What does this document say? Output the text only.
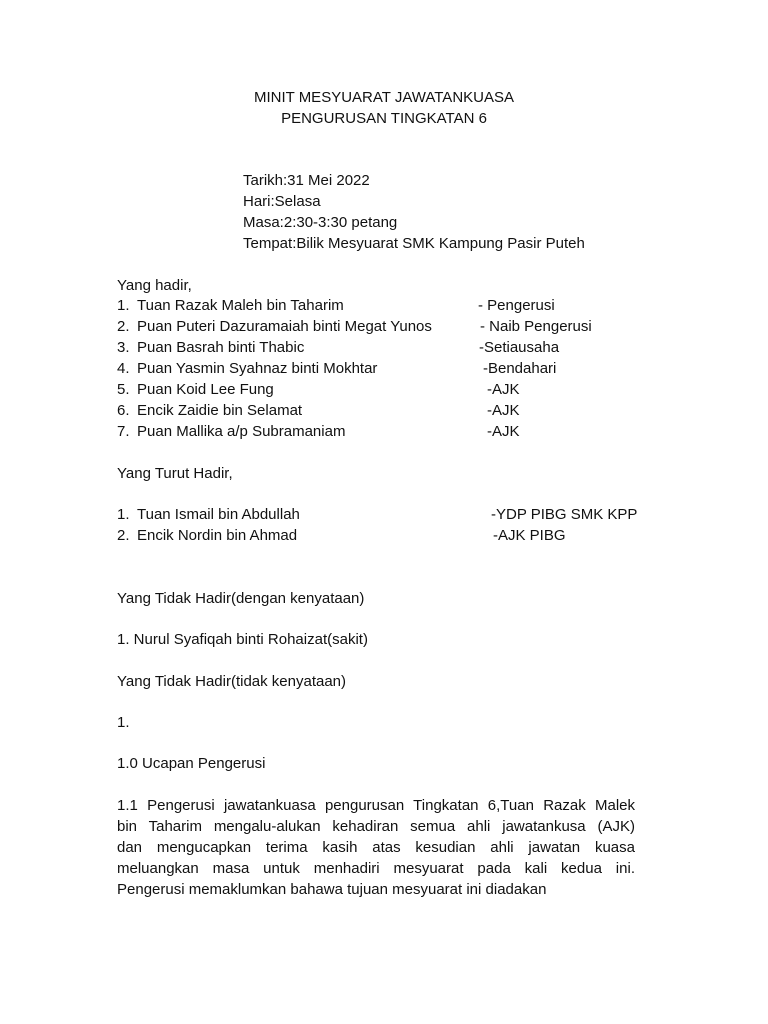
MINIT MESYUARAT JAWATANKUASA
PENGURUSAN TINGKATAN 6
Tarikh:31 Mei 2022
Hari:Selasa
Masa:2:30-3:30 petang
Tempat:Bilik Mesyuarat SMK Kampung Pasir Puteh
Yang hadir,
1. Tuan Razak Maleh bin Taharim	- Pengerusi
2. Puan Puteri Dazuramaiah binti Megat Yunos	- Naib Pengerusi
3. Puan Basrah binti Thabic	-Setiausaha
4. Puan Yasmin Syahnaz binti Mokhtar	-Bendahari
5. Puan Koid Lee Fung	-AJK
6. Encik Zaidie bin Selamat	-AJK
7. Puan Mallika a/p Subramaniam	-AJK
Yang Turut Hadir,
1. Tuan Ismail bin Abdullah	-YDP PIBG SMK KPP
2. Encik Nordin bin Ahmad	-AJK PIBG
Yang Tidak Hadir(dengan kenyataan)
1. Nurul Syafiqah binti Rohaizat(sakit)
Yang Tidak Hadir(tidak kenyataan)
1.
1.0 Ucapan Pengerusi
1.1 Pengerusi jawatankuasa pengurusan Tingkatan 6,Tuan Razak Malek
bin Taharim mengalu-alukan kehadiran semua ahli jawatankusa (AJK)
dan mengucapkan terima kasih atas kesudian ahli jawatan kuasa
meluangkan masa untuk menhadiri mesyuarat pada kali kedua ini.
Pengerusi memaklumkan bahawa tujuan mesyuarat ini diadakan
